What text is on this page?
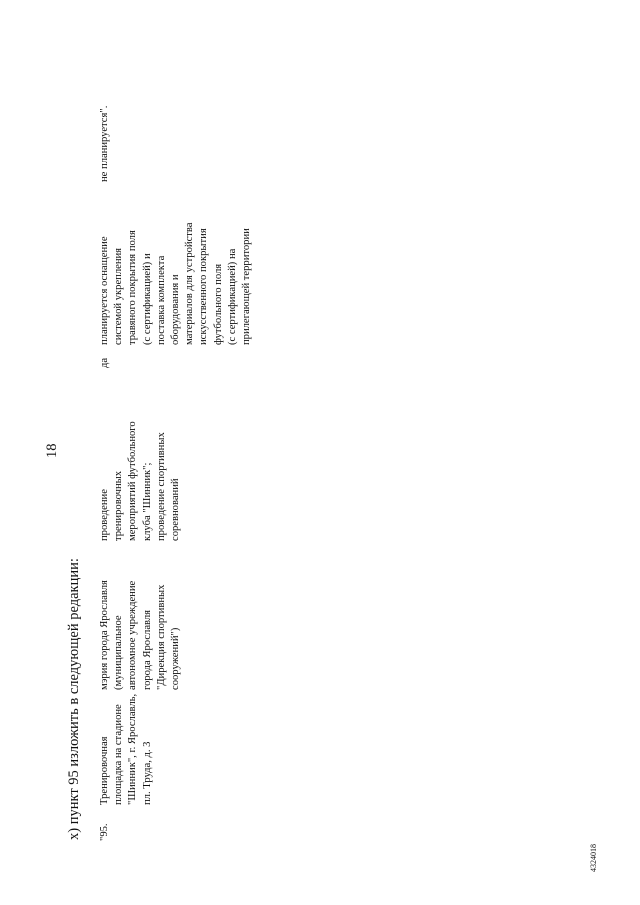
18
х) пункт 95 изложить в следующей редакции: "95.
Тренировочная площадка на стадионе "Шинник", г. Ярославль, пл. Труда, д. 3
мэрия города Ярославля (муниципальное автономное учреждение города Ярославля "Дирекция спортивных сооружений")
проведение тренировочных мероприятий футбольного клуба "Шинник"; проведение спортивных соревнований
да
планируется оснащение системой укрепления травяного покрытия поля (с сертификацией) и поставка комплекта оборудования и материалов для устройства искусственного покрытия футбольного поля (с сертификацией) на прилегающей территории
не планируется".
4324018
